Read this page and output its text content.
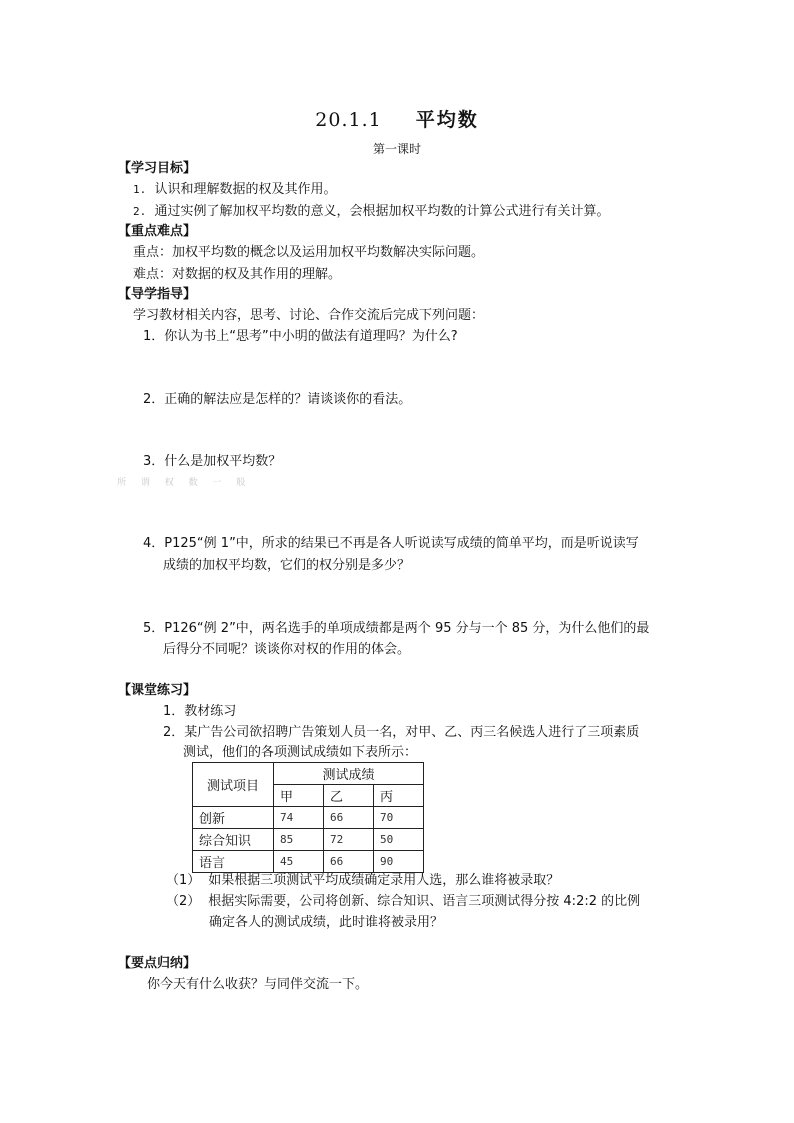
20.1.1 平均数
第一课时
【学习目标】
1. 认识和理解数据的权及其作用。
2. 通过实例了解加权平均数的意义，会根据加权平均数的计算公式进行有关计算。
【重点难点】
重点：加权平均数的概念以及运用加权平均数解决实际问题。
难点：对数据的权及其作用的理解。
【导学指导】
学习教材相关内容，思考、讨论、合作交流后完成下列问题：
1．你认为书上“思考”中小明的做法有道理吗？为什么?
2．正确的解法应是怎样的？请谈谈你的看法。
3．什么是加权平均数？
所 谓 权 数 一 般
4．P125“例 1”中，所求的结果已不再是各人听说读写成绩的简单平均，而是听说读写
成绩的加权平均数，它们的权分别是多少？
5．P126“例 2”中，两名选手的单项成绩都是两个 95 分与一个 85 分，为什么他们的最
后得分不同呢？谈谈你对权的作用的体会。
【课堂练习】
1．教材练习
2．某广告公司欲招聘广告策划人员一名，对甲、乙、丙三名候选人进行了三项素质
测试，他们的各项测试成绩如下表所示：
测试项目	测试成绩		
	甲	乙	丙
创新	74	66	70
综合知识	85	72	50
语言	45	66	90
（1） 如果根据三项测试平均成绩确定录用人选，那么谁将被录取？
（2） 根据实际需要，公司将创新、综合知识、语言三项测试得分按 4:2:2 的比例
确定各人的测试成绩，此时谁将被录用？
【要点归纳】
你今天有什么收获？与同伴交流一下。
